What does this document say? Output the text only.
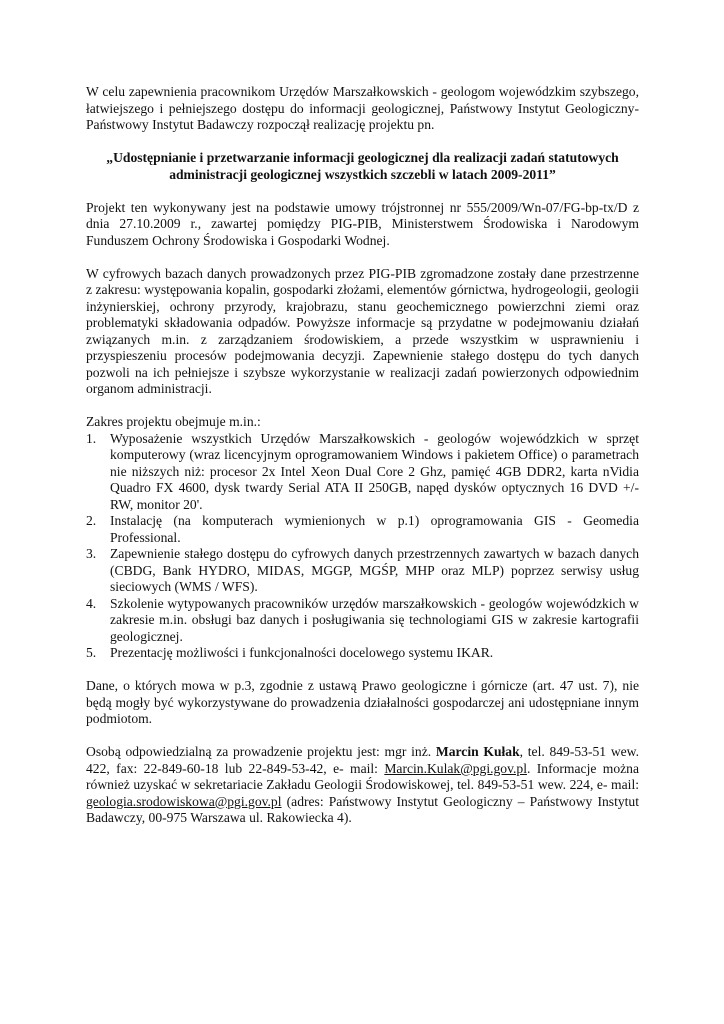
W celu zapewnienia pracownikom Urzędów Marszałkowskich - geologom wojewódzkim szybszego, łatwiejszego i pełniejszego dostępu do informacji geologicznej, Państwowy Instytut Geologiczny-Państwowy Instytut Badawczy rozpoczął realizację projektu pn.

„Udostępnianie i przetwarzanie informacji geologicznej dla realizacji zadań statutowych administracji geologicznej wszystkich szczebli w latach 2009-2011”

Projekt ten wykonywany jest na podstawie umowy trójstronnej nr 555/2009/Wn-07/FG-bp-tx/D z dnia 27.10.2009 r., zawartej pomiędzy PIG-PIB, Ministerstwem Środowiska i Narodowym Funduszem Ochrony Środowiska i Gospodarki Wodnej.

W cyfrowych bazach danych prowadzonych przez PIG-PIB zgromadzone zostały dane przestrzenne z zakresu: występowania kopalin, gospodarki złożami, elementów górnictwa, hydrogeologii, geologii inżynierskiej, ochrony przyrody, krajobrazu, stanu geochemicznego powierzchni ziemi oraz problematyki składowania odpadów. Powyższe informacje są przydatne w podejmowaniu działań związanych m.in. z zarządzaniem środowiskiem, a przede wszystkim w usprawnieniu i przyspieszeniu procesów podejmowania decyzji. Zapewnienie stałego dostępu do tych danych pozwoli na ich pełniejsze i szybsze wykorzystanie w realizacji zadań powierzonych odpowiednim organom administracji.

Zakres projektu obejmuje m.in.:

1. Wyposażenie wszystkich Urzędów Marszałkowskich - geologów wojewódzkich w sprzęt komputerowy (wraz licencyjnym oprogramowaniem Windows i pakietem Office) o parametrach nie niższych niż: procesor 2x Intel Xeon Dual Core 2 Ghz, pamięć 4GB DDR2, karta nVidia Quadro FX 4600, dysk twardy Serial ATA II 250GB, napęd dysków optycznych 16 DVD +/- RW, monitor 20'.
2. Instalację (na komputerach wymienionych w p.1) oprogramowania GIS - Geomedia Professional.
3. Zapewnienie stałego dostępu do cyfrowych danych przestrzennych zawartych w bazach danych (CBDG, Bank HYDRO, MIDAS, MGGP, MGŚP, MHP oraz MLP) poprzez serwisy usług sieciowych (WMS / WFS).
4. Szkolenie wytypowanych pracowników urzędów marszałkowskich - geologów wojewódzkich w zakresie m.in. obsługi baz danych i posługiwania się technologiami GIS w zakresie kartografii geologicznej.
5. Prezentację możliwości i funkcjonalności docelowego systemu IKAR.

Dane, o których mowa w p.3, zgodnie z ustawą Prawo geologiczne i górnicze (art. 47 ust. 7), nie będą mogły być wykorzystywane do prowadzenia działalności gospodarczej ani udostępniane innym podmiotom.

Osobą odpowiedzialną za prowadzenie projektu jest: mgr inż. Marcin Kułak, tel. 849-53-51 wew. 422, fax: 22-849-60-18 lub 22-849-53-42, e- mail: Marcin.Kulak@pgi.gov.pl. Informacje można również uzyskać w sekretariacie Zakładu Geologii Środowiskowej, tel. 849-53-51 wew. 224, e- mail: geologia.srodowiskowa@pgi.gov.pl (adres: Państwowy Instytut Geologiczny – Państwowy Instytut Badawczy, 00-975 Warszawa ul. Rakowiecka 4).
